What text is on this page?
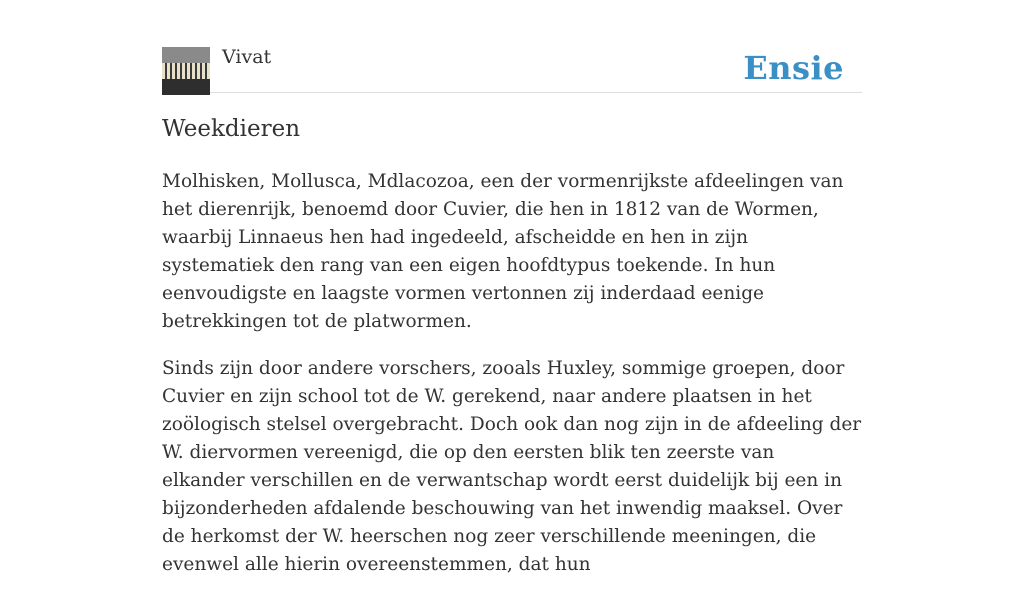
Vivat	Ensie
Weekdieren

Molhisken, Mollusca, Mdlacozoa, een der vormenrijkste afdeelingen van het dierenrijk, benoemd door Cuvier, die hen in 1812 van de Wormen, waarbij Linnaeus hen had ingedeeld, afscheidde en hen in zijn systematiek den rang van een eigen hoofdtypus toekende. In hun eenvoudigste en laagste vormen vertonnen zij inderdaad eenige betrekkingen tot de platwormen.

Sinds zijn door andere vorschers, zooals Huxley, sommige groepen, door Cuvier en zijn school tot de W. gerekend, naar andere plaatsen in het zoölogisch stelsel overgebracht. Doch ook dan nog zijn in de afdeeling der W. diervormen vereenigd, die op den eersten blik ten zeerste van elkander verschillen en de verwantschap wordt eerst duidelijk bij een in bijzonderheden afdalende beschouwing van het inwendig maaksel. Over de herkomst der W. heerschen nog zeer verschillende meeningen, die evenwel alle hierin overeenstemmen, dat hun
